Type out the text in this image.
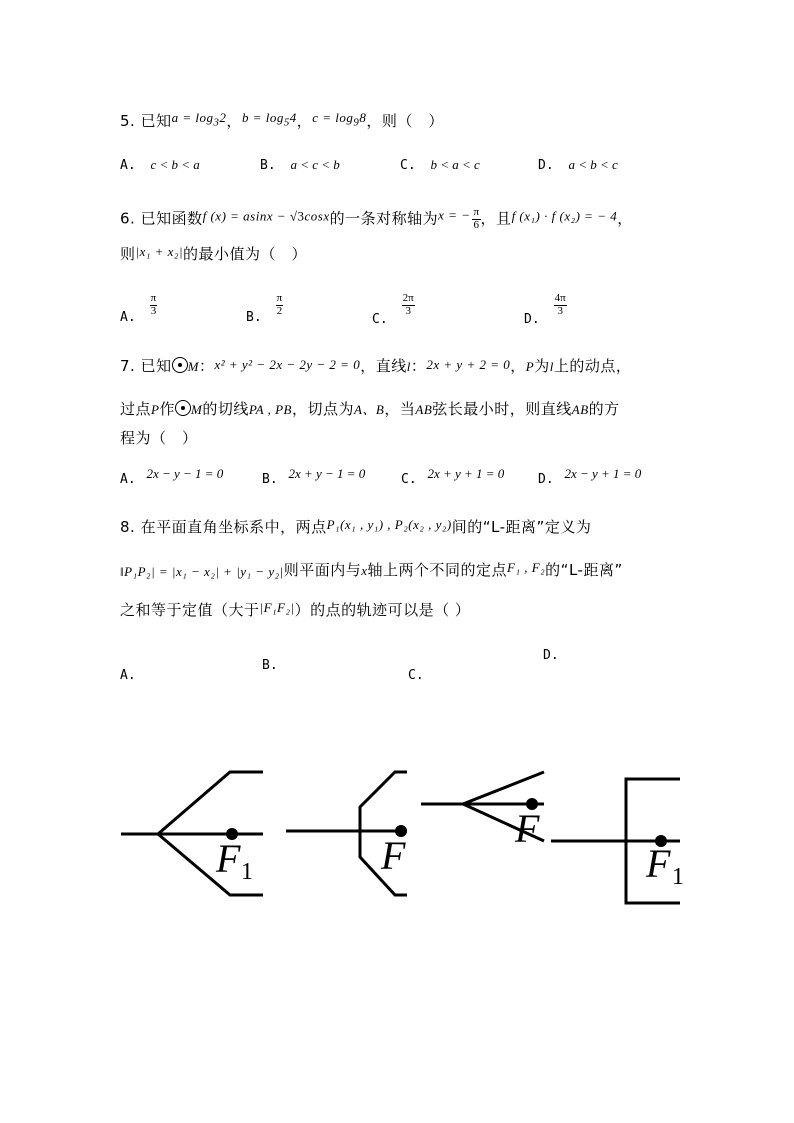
5. 已知$a = \log_32$，$b = \log_54$，$c = \log_98$，则（　）
A. c < b < a	B. a < c < b	C. b < a < c	D. a < b < c
6. 已知函数f (x) = asinx − √3cosx的一条对称轴为x = − $\frac{\pi}{6}$ ，且f (x₁) · f (x₂) = − 4，
则|x₁ + x₂|的最小值为（　）
A.
$\frac{\pi}{3}$
B.
$\frac{\pi}{2}$
C.
$\frac{2\pi}{3}$
D.
$\frac{4\pi}{3}$
7. 已知 M：x² + y² − 2x − 2y − 2 = 0，直线l：2x + y + 2 = 0，P为l上的动点，
过点P作 M的切线PA , PB，切点为A、B，当AB弦长最小时，则直线AB的方
程为（　）
A. 2x − y − 1 = 0	B. 2x + y − 1 = 0	C. 2x + y + 1 = 0	D. 2x − y + 1 = 0
8. 在平面直角坐标系中，两点P₁(x₁ , y₁) , P₂(x₂ , y₂)间的“L-距离”定义为
‖P₁P₂| = |x₁ − x₂| + |y₁ − y₂|则平面内与x轴上两个不同的定点F₁ , F₂的“L-距离”
之和等于定值（大于|F₁F₂|）的点的轨迹可以是（ ）
A.
B.
C.
D.
F 1	F
F
F 1
